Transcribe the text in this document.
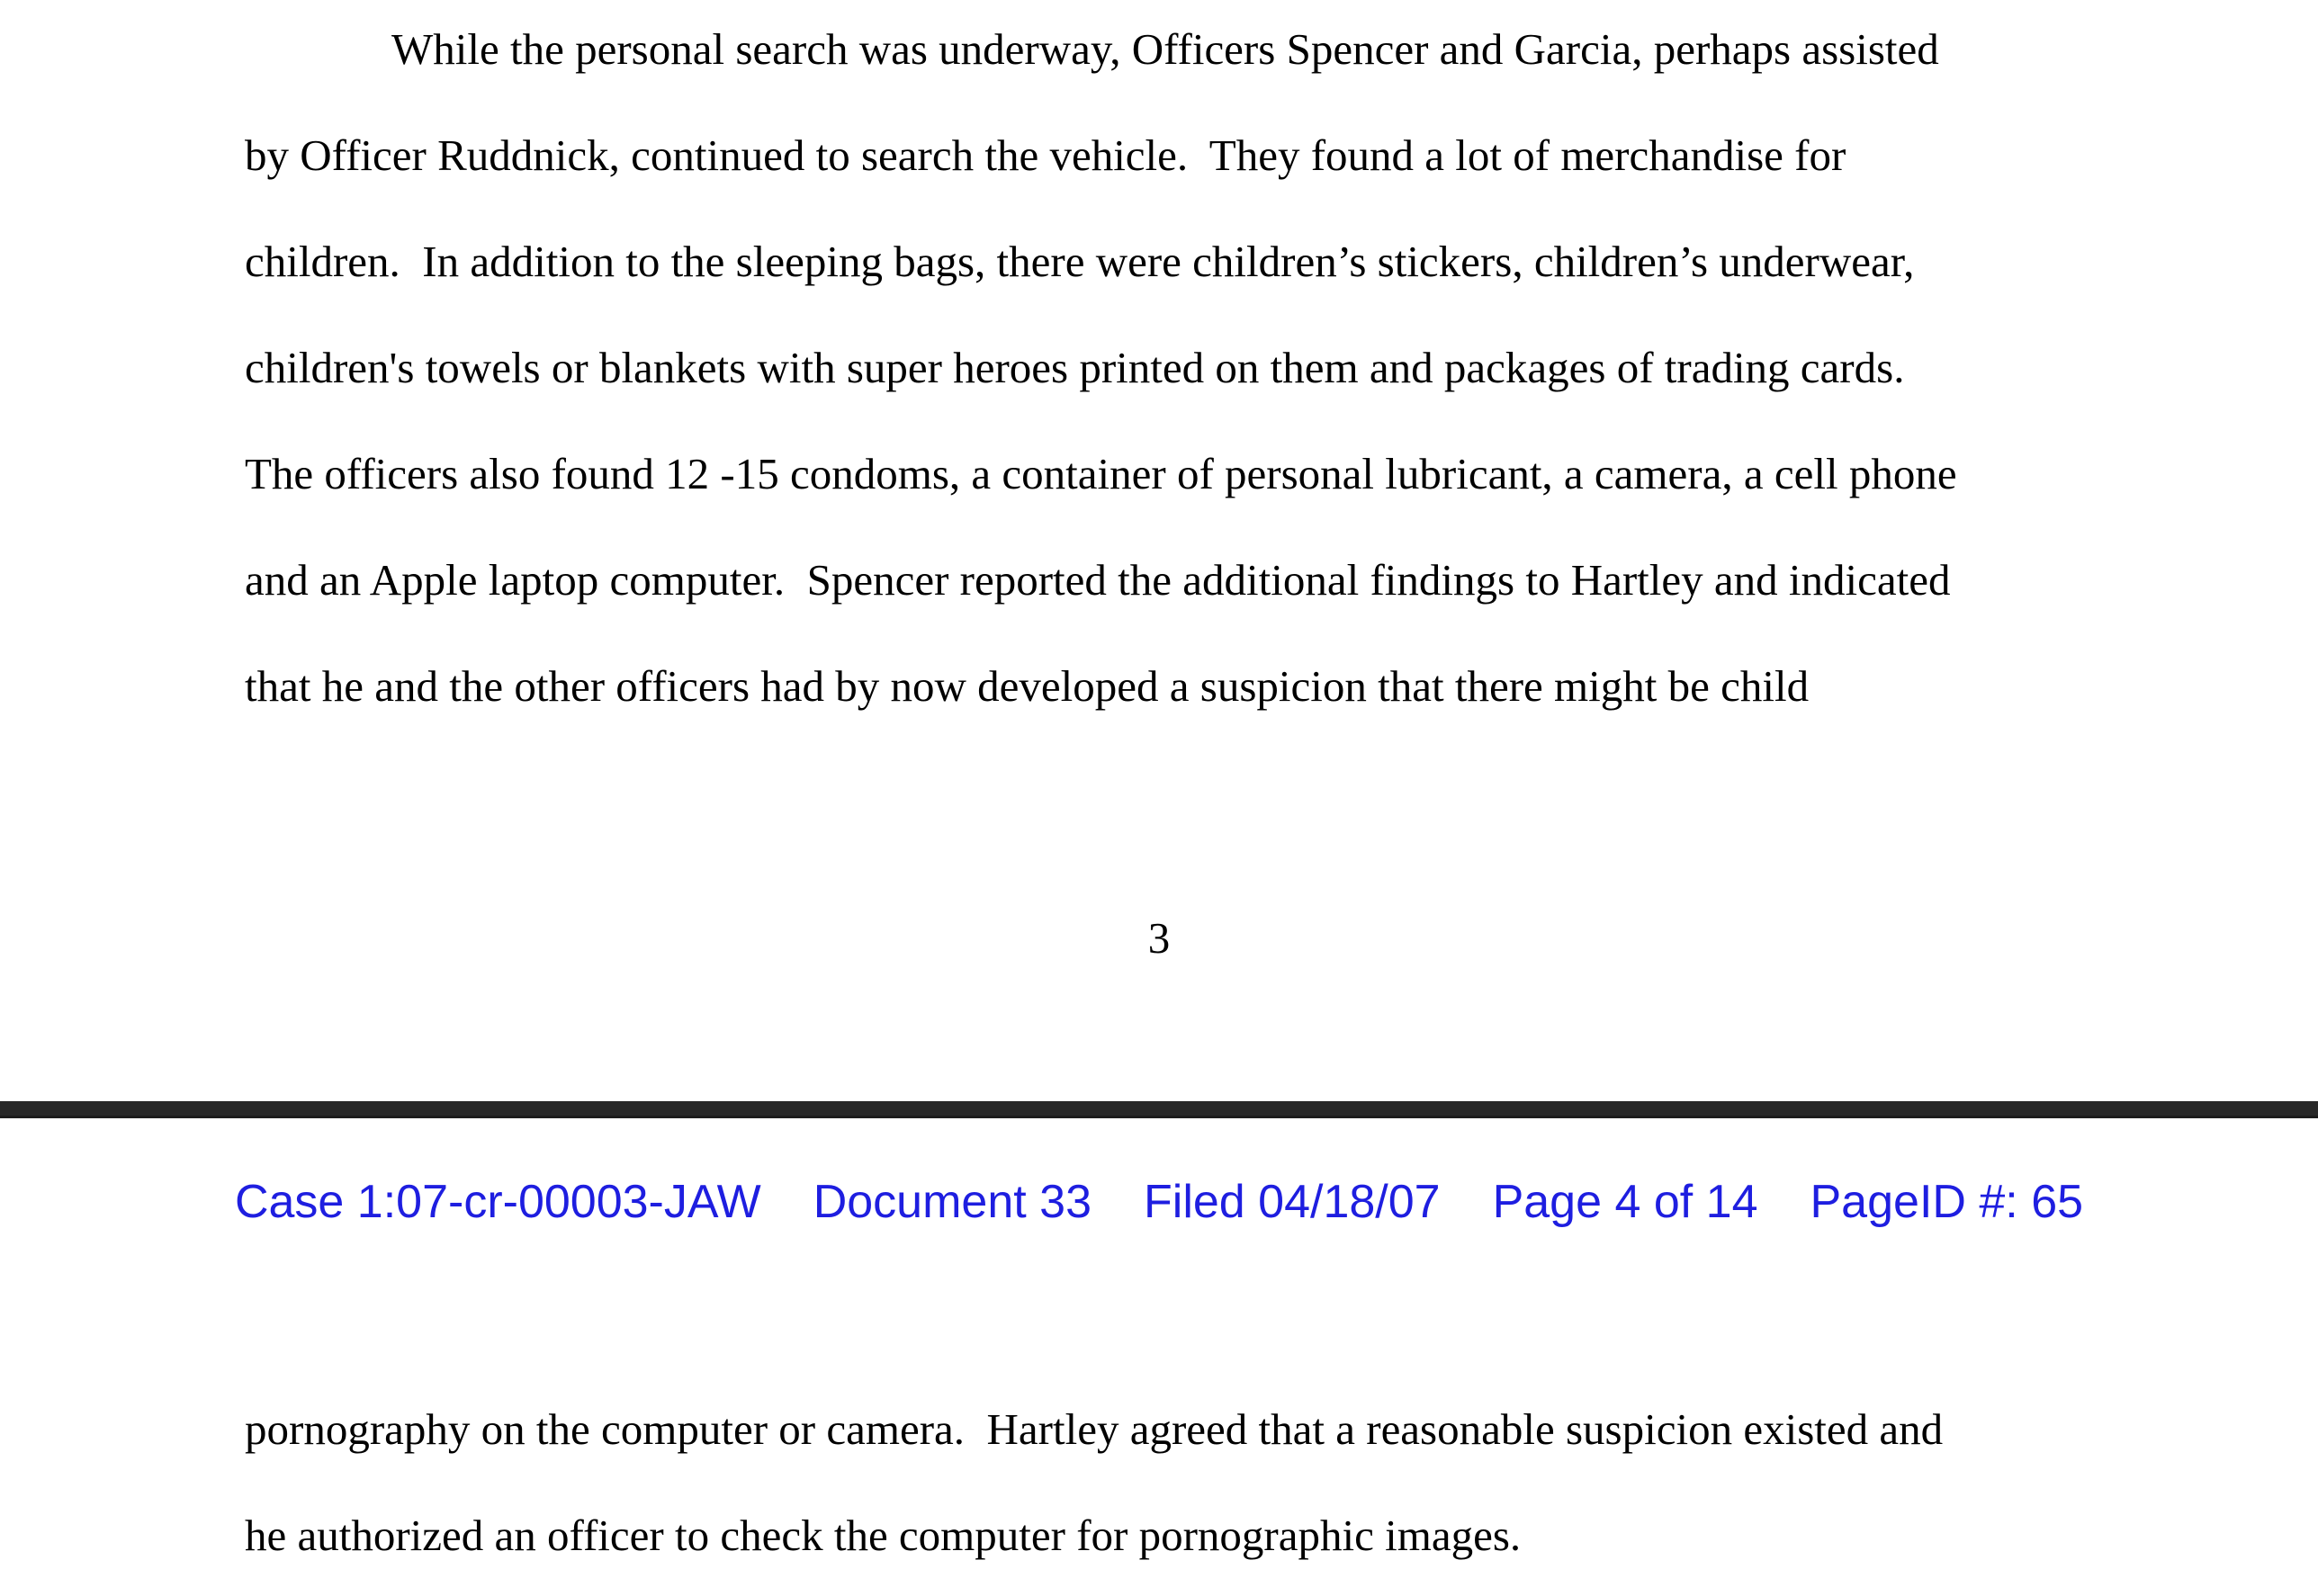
While the personal search was underway, Officers Spencer and Garcia, perhaps assisted
by Officer Ruddnick, continued to search the vehicle.  They found a lot of merchandise for
children.  In addition to the sleeping bags, there were children’s stickers, children’s underwear,
children's towels or blankets with super heroes printed on them and packages of trading cards.
The officers also found 12 -15 condoms, a container of personal lubricant, a camera, a cell phone
and an Apple laptop computer.  Spencer reported the additional findings to Hartley and indicated
that he and the other officers had by now developed a suspicion that there might be child
3
Case 1:07-cr-00003-JAW Document 33 Filed 04/18/07 Page 4 of 14 PageID #: 65
pornography on the computer or camera.  Hartley agreed that a reasonable suspicion existed and
he authorized an officer to check the computer for pornographic images.
